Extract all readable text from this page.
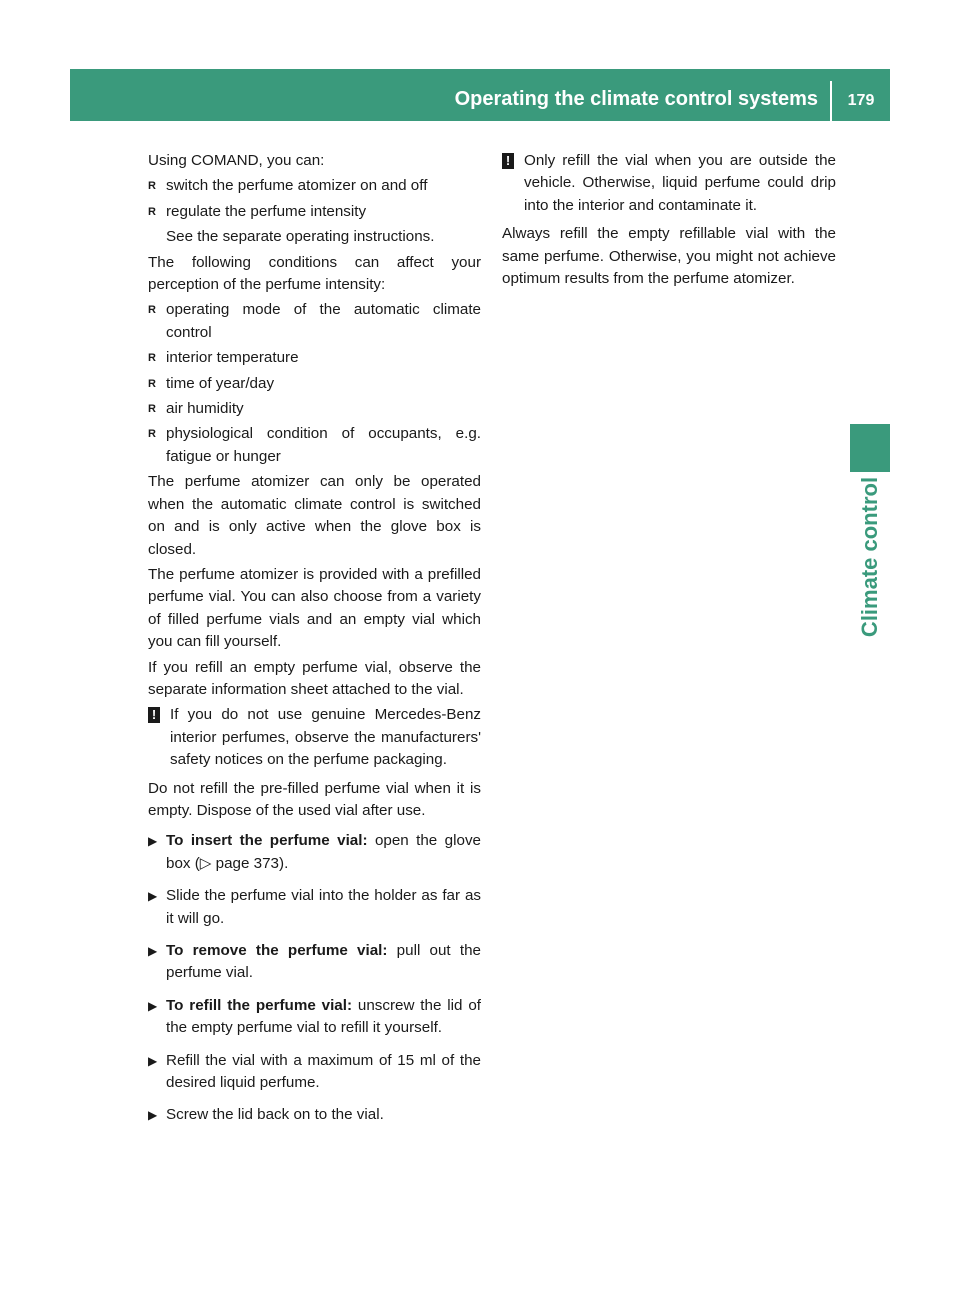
Operating the climate control systems	179
Climate control

Using COMAND, you can:

R switch the perfume atomizer on and off
R regulate the perfume intensity

See the separate operating instructions.

The following conditions can affect your perception of the perfume intensity:

R operating mode of the automatic climate control
R interior temperature
R time of year/day
R air humidity
R physiological condition of occupants, e.g. fatigue or hunger

The perfume atomizer can only be operated when the automatic climate control is switched on and is only active when the glove box is closed.

The perfume atomizer is provided with a prefilled perfume vial. You can also choose from a variety of filled perfume vials and an empty vial which you can fill yourself.

If you refill an empty perfume vial, observe the separate information sheet attached to the vial.

! If you do not use genuine Mercedes-Benz interior perfumes, observe the manufacturers' safety notices on the perfume packaging.

Do not refill the pre-filled perfume vial when it is empty. Dispose of the used vial after use.

▶ To insert the perfume vial: open the glove box (▷ page 373).
▶ Slide the perfume vial into the holder as far as it will go.
▶ To remove the perfume vial: pull out the perfume vial.
▶ To refill the perfume vial: unscrew the lid of the empty perfume vial to refill it yourself.
▶ Refill the vial with a maximum of 15 ml of the desired liquid perfume.
▶ Screw the lid back on to the vial.
! Only refill the vial when you are outside the vehicle. Otherwise, liquid perfume could drip into the interior and contaminate it.

Always refill the empty refillable vial with the same perfume. Otherwise, you might not achieve optimum results from the perfume atomizer.
